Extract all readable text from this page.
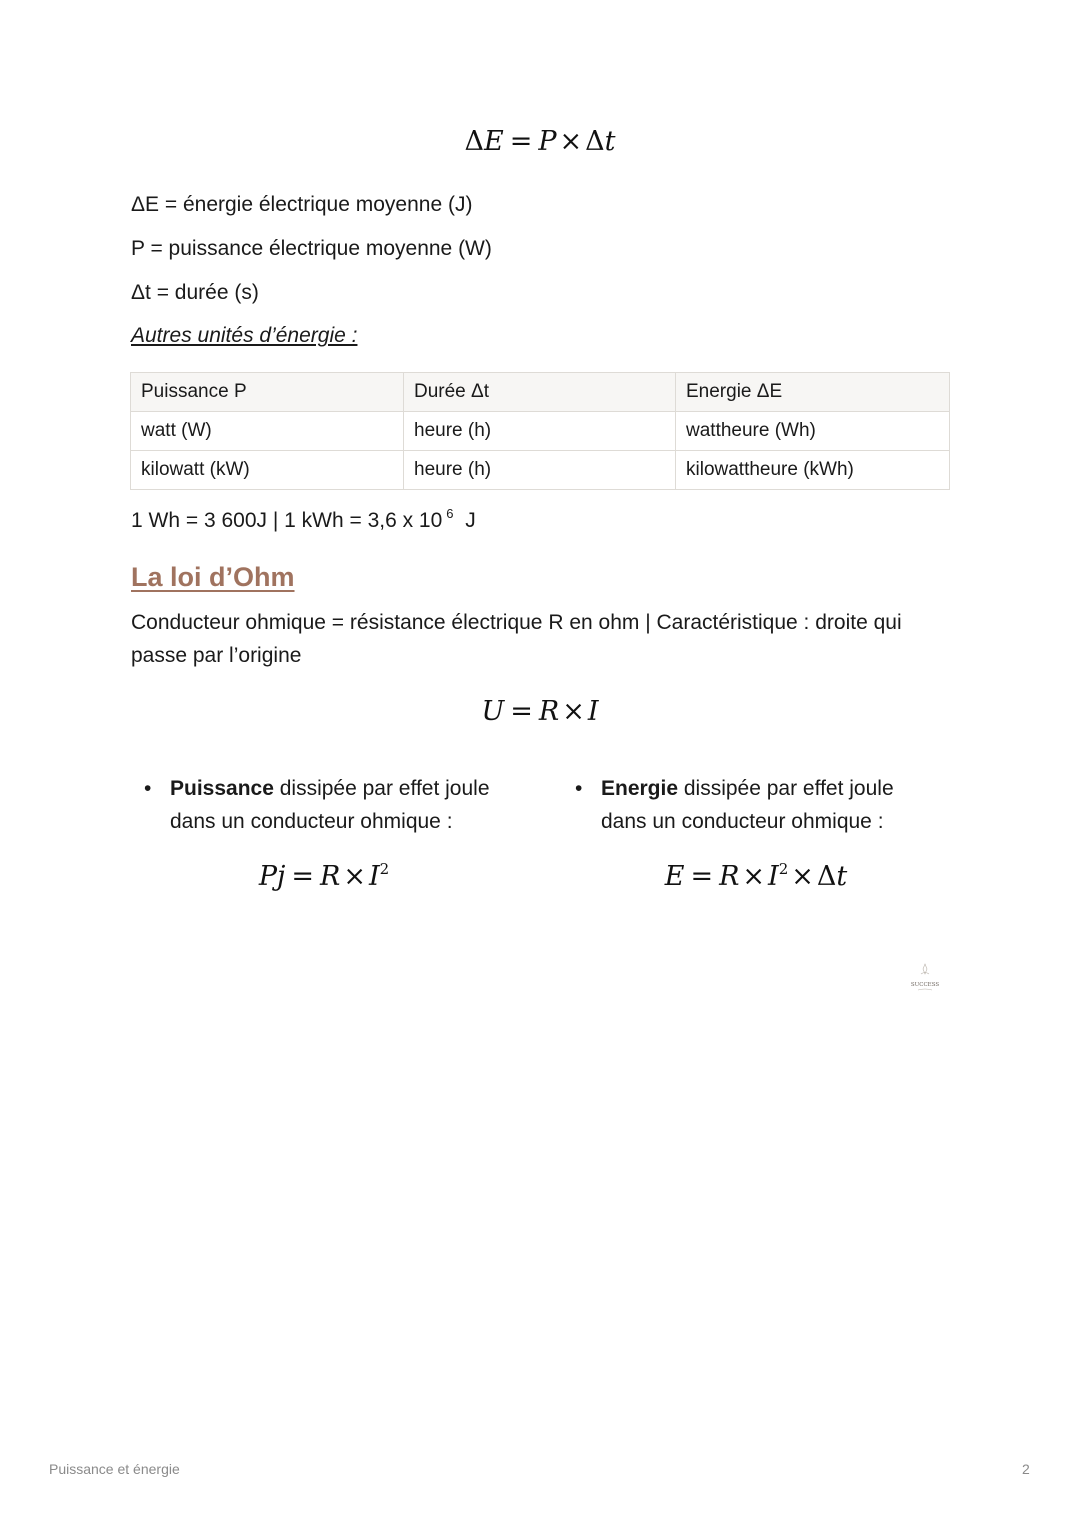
ΔE = P × Δt
ΔE = énergie électrique moyenne (J)
P = puissance électrique moyenne (W)
Δt = durée (s)
Autres unités d’énergie :
Puissance P	Durée Δt	Energie ΔE
watt (W)	heure (h)	wattheure (Wh)
kilowatt (kW)	heure (h)	kilowattheure (kWh)
1 Wh = 3 600J | 1 kWh = 3,6 x 10 $^6$ J
La loi d’Ohm
Conducteur ohmique = résistance électrique R en ohm | Caractéristique : droite qui passe par l’origine
U = R × I
• Puissance dissipée par effet joule dans un conducteur ohmique :
• Energie dissipée par effet joule dans un conducteur ohmique :
$Pj = R \times I^2$	$E = R \times I^2 \times \Delta t$
SUCCESS
Puissance et énergie	2
